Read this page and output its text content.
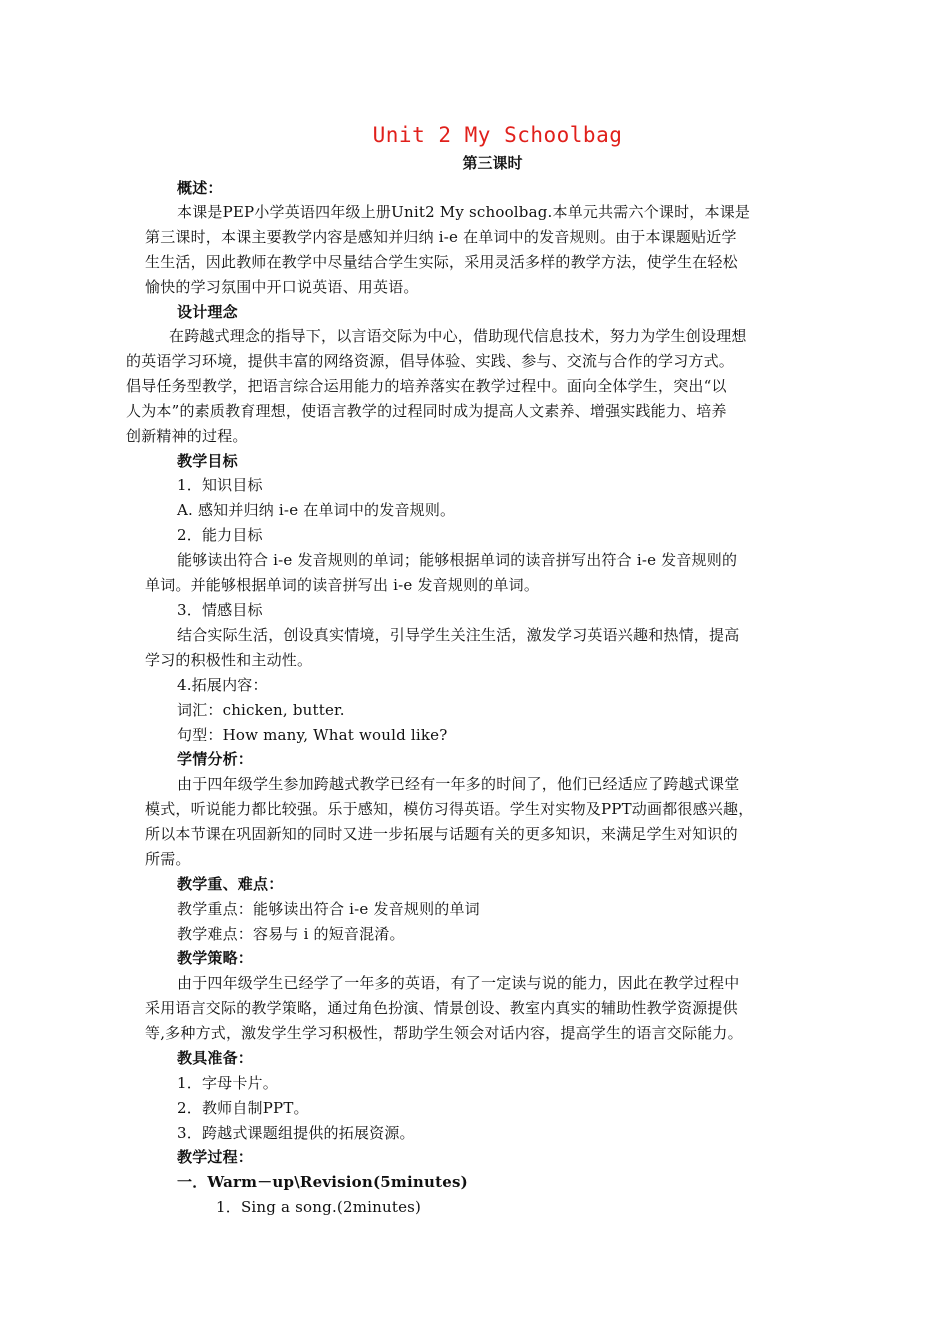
Unit 2 My Schoolbag
第三课时
概述：
本课是PEP小学英语四年级上册Unit2 My schoolbag.本单元共需六个课时，本课是
第三课时，本课主要教学内容是感知并归纳 i-e 在单词中的发音规则。由于本课题贴近学
生生活，因此教师在教学中尽量结合学生实际，采用灵活多样的教学方法，使学生在轻松
愉快的学习氛围中开口说英语、用英语。
设计理念
在跨越式理念的指导下，以言语交际为中心，借助现代信息技术，努力为学生创设理想
的英语学习环境，提供丰富的网络资源，倡导体验、实践、参与、交流与合作的学习方式。
倡导任务型教学，把语言综合运用能力的培养落实在教学过程中。面向全体学生，突出“以
人为本”的素质教育理想，使语言教学的过程同时成为提高人文素养、增强实践能力、培养
创新精神的过程。
教学目标
1．知识目标
A. 感知并归纳 i-e 在单词中的发音规则。
2．能力目标
能够读出符合 i-e 发音规则的单词；能够根据单词的读音拼写出符合 i-e 发音规则的
单词。并能够根据单词的读音拼写出 i-e 发音规则的单词。
3．情感目标
结合实际生活，创设真实情境，引导学生关注生活，激发学习英语兴趣和热情，提高
学习的积极性和主动性。
4.拓展内容：
词汇：chicken, butter.
句型：How many, What would like?
学情分析：
由于四年级学生参加跨越式教学已经有一年多的时间了，他们已经适应了跨越式课堂
模式，听说能力都比较强。乐于感知，模仿习得英语。学生对实物及PPT动画都很感兴趣，
所以本节课在巩固新知的同时又进一步拓展与话题有关的更多知识，来满足学生对知识的
所需。
教学重、难点：
教学重点：能够读出符合 i-e 发音规则的单词
教学难点：容易与 i 的短音混淆。
教学策略：
由于四年级学生已经学了一年多的英语，有了一定读与说的能力，因此在教学过程中
采用语言交际的教学策略，通过角色扮演、情景创设、教室内真实的辅助性教学资源提供
等,多种方式，激发学生学习积极性，帮助学生领会对话内容，提高学生的语言交际能力。
教具准备：
1．字母卡片。
2．教师自制PPT。
3．跨越式课题组提供的拓展资源。
教学过程：
一．Warm－up\Revision(5minutes)
1．Sing a song.(2minutes)
